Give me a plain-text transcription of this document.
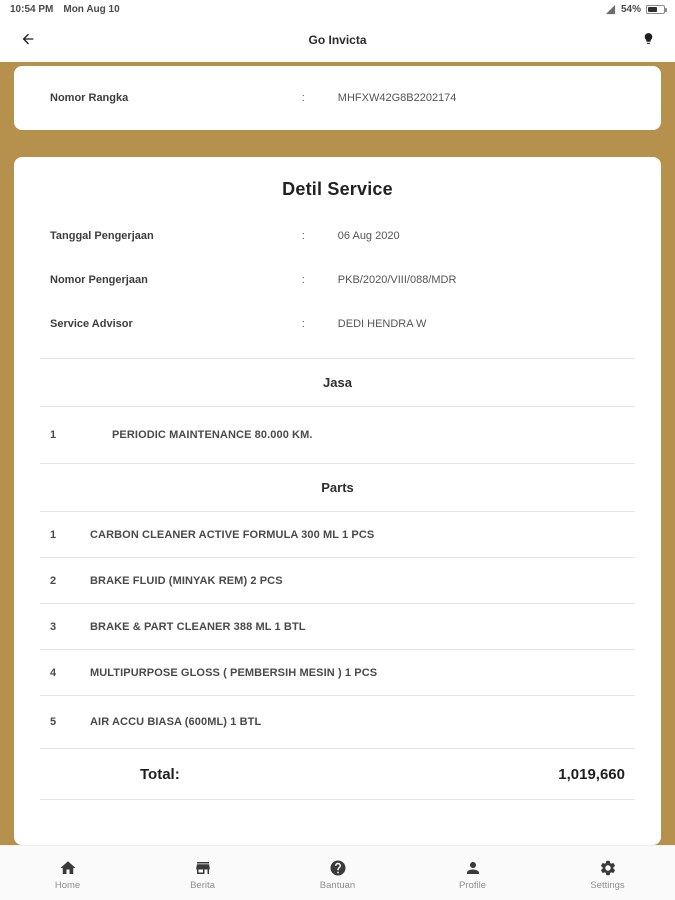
10:54 PM Mon Aug 10	54%
Go Invicta
Nomor Rangka	:	MHFXW42G8B2202174
Detil Service
Tanggal Pengerjaan	:	06 Aug 2020
Nomor Pengerjaan	:	PKB/2020/VIII/088/MDR
Service Advisor	:	DEDI HENDRA W
Jasa
1	PERIODIC MAINTENANCE 80.000 KM.
Parts
1	CARBON CLEANER ACTIVE FORMULA 300 ML 1 PCS
2	BRAKE FLUID (MINYAK REM) 2 PCS
3	BRAKE & PART CLEANER 388 ML 1 BTL
4	MULTIPURPOSE GLOSS ( PEMBERSIH MESIN ) 1 PCS
5	AIR ACCU BIASA (600ML) 1 BTL
Total:	1,019,660
Home	Berita	Bantuan	Profile	Settings
